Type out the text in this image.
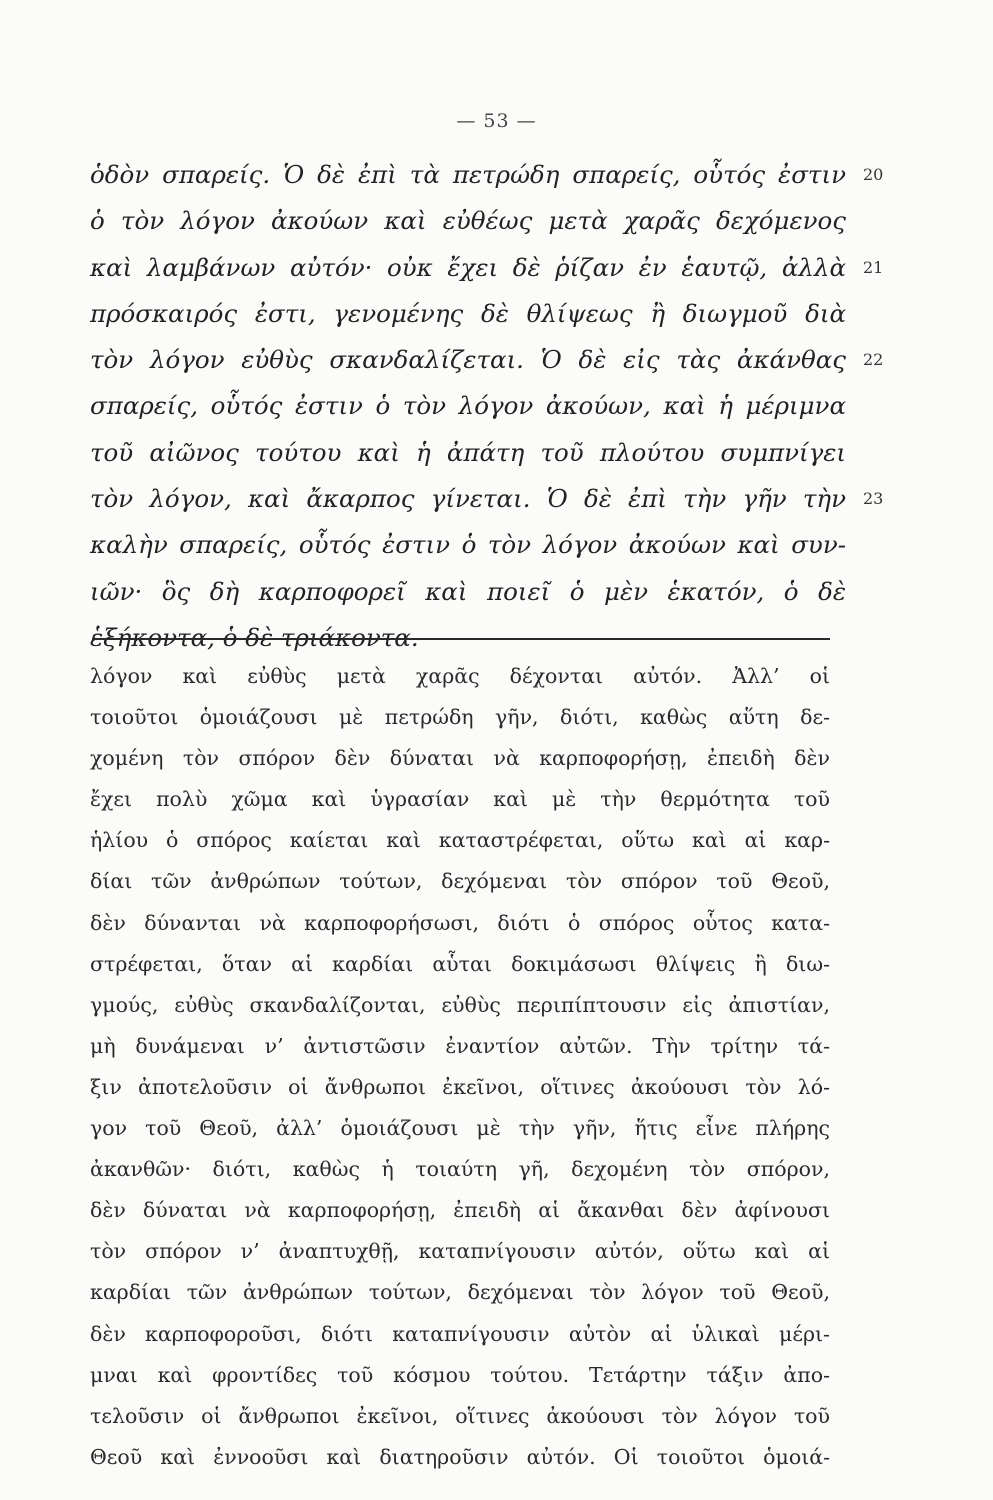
— 53 —
ὁδὸν σπαρείς. Ὁ δὲ ἐπὶ τὰ πετρώδη σπαρείς, οὗτός ἐστιν 20
ὁ τὸν λόγον ἀκούων καὶ εὐθέως μετὰ χαρᾶς δεχόμενος
καὶ λαμβάνων αὐτόν· οὐκ ἔχει δὲ ῥίζαν ἐν ἑαυτῷ, ἀλλὰ 21
πρόσκαιρός ἐστι, γενομένης δὲ θλίψεως ἢ διωγμοῦ διὰ
τὸν λόγον εὐθὺς σκανδαλίζεται. Ὁ δὲ εἰς τὰς ἀκάνθας 22
σπαρείς, οὗτός ἐστιν ὁ τὸν λόγον ἀκούων, καὶ ἡ μέριμνα
τοῦ αἰῶνος τούτου καὶ ἡ ἀπάτη τοῦ πλούτου συμπνίγει
τὸν λόγον, καὶ ἄκαρπος γίνεται. Ὁ δὲ ἐπὶ τὴν γῆν τὴν 23
καλὴν σπαρείς, οὗτός ἐστιν ὁ τὸν λόγον ἀκούων καὶ συν-
ιῶν· ὃς δὴ καρποφορεῖ καὶ ποιεῖ ὁ μὲν ἑκατόν, ὁ δὲ
ἑξήκοντα, ὁ δὲ τριάκοντα.
λόγον καὶ εὐθὺς μετὰ χαρᾶς δέχονται αὐτόν. Ἀλλ’ οἱ
τοιοῦτοι ὁμοιάζουσι μὲ πετρώδη γῆν, διότι, καθὼς αὕτη δε-
χομένη τὸν σπόρον δὲν δύναται νὰ καρποφορήσῃ, ἐπειδὴ δὲν
ἔχει πολὺ χῶμα καὶ ὑγρασίαν καὶ μὲ τὴν θερμότητα τοῦ
ἡλίου ὁ σπόρος καίεται καὶ καταστρέφεται, οὕτω καὶ αἱ καρ-
δίαι τῶν ἀνθρώπων τούτων, δεχόμεναι τὸν σπόρον τοῦ Θεοῦ,
δὲν δύνανται νὰ καρποφορήσωσι, διότι ὁ σπόρος οὗτος κατα-
στρέφεται, ὅταν αἱ καρδίαι αὗται δοκιμάσωσι θλίψεις ἢ διω-
γμούς, εὐθὺς σκανδαλίζονται, εὐθὺς περιπίπτουσιν εἰς ἀπιστίαν,
μὴ δυνάμεναι ν’ ἀντιστῶσιν ἐναντίον αὐτῶν. Τὴν τρίτην τά-
ξιν ἀποτελοῦσιν οἱ ἄνθρωποι ἐκεῖνοι, οἵτινες ἀκούουσι τὸν λό-
γον τοῦ Θεοῦ, ἀλλ’ ὁμοιάζουσι μὲ τὴν γῆν, ἥτις εἶνε πλήρης
ἀκανθῶν· διότι, καθὼς ἡ τοιαύτη γῆ, δεχομένη τὸν σπόρον,
δὲν δύναται νὰ καρποφορήσῃ, ἐπειδὴ αἱ ἄκανθαι δὲν ἀφίνουσι
τὸν σπόρον ν’ ἀναπτυχθῇ, καταπνίγουσιν αὐτόν, οὕτω καὶ αἱ
καρδίαι τῶν ἀνθρώπων τούτων, δεχόμεναι τὸν λόγον τοῦ Θεοῦ,
δὲν καρποφοροῦσι, διότι καταπνίγουσιν αὐτὸν αἱ ὑλικαὶ μέρι-
μναι καὶ φροντίδες τοῦ κόσμου τούτου. Τετάρτην τάξιν ἀπο-
τελοῦσιν οἱ ἄνθρωποι ἐκεῖνοι, οἵτινες ἀκούουσι τὸν λόγον τοῦ
Θεοῦ καὶ ἐννοοῦσι καὶ διατηροῦσιν αὐτόν. Οἱ τοιοῦτοι ὁμοιά-
